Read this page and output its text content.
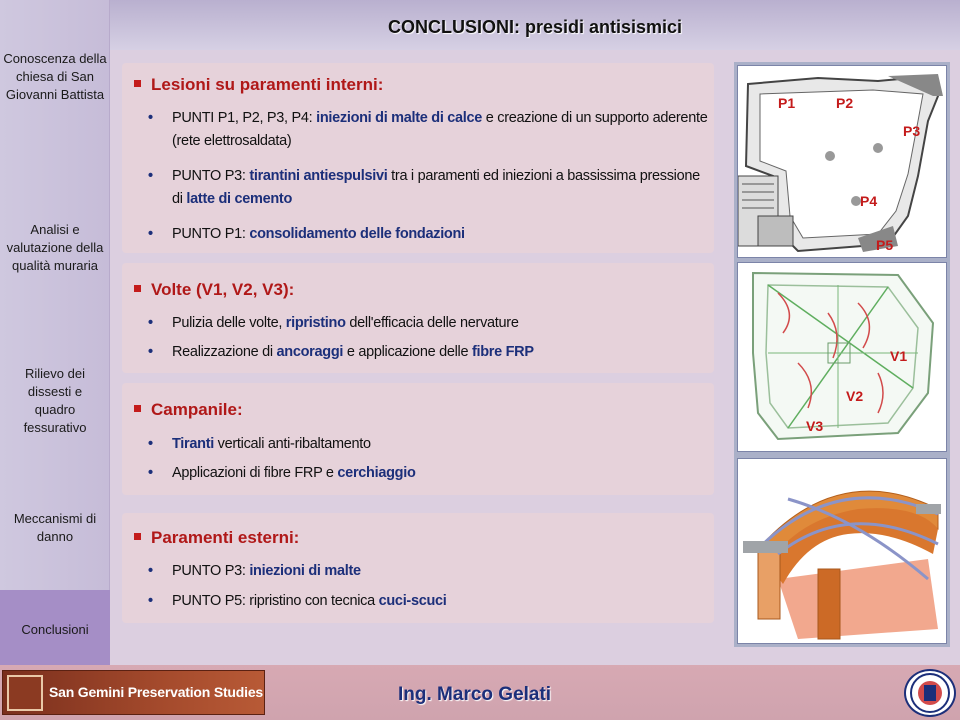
Conoscenza della chiesa di San Giovanni Battista
Analisi e valutazione della qualità muraria
Rilievo dei dissesti e quadro fessurativo
Meccanismi di danno
Conclusioni
CONCLUSIONI: presidi antisismici
Lesioni su paramenti interni:
•	PUNTI P1, P2, P3, P4: iniezioni di malte di calce e creazione di un supporto aderente (rete elettrosaldata)
•	PUNTO P3: tirantini antiespulsivi tra i paramenti ed iniezioni a bassissima pressione di latte di cemento
•	PUNTO P1: consolidamento delle fondazioni
Volte (V1, V2, V3):
•	Pulizia delle volte, ripristino dell'efficacia delle nervature
•	Realizzazione di ancoraggi e applicazione delle fibre FRP
Campanile:
•	Tiranti verticali anti-ribaltamento
•	Applicazioni di fibre FRP e cerchiaggio
Paramenti esterni:
•	PUNTO P3: iniezioni di malte
•	PUNTO P5: ripristino con tecnica cuci-scuci
P1	P2
P3
P4
P5
V1
V2
V3
San Gemini Preservation Studies	Ing. Marco Gelati
